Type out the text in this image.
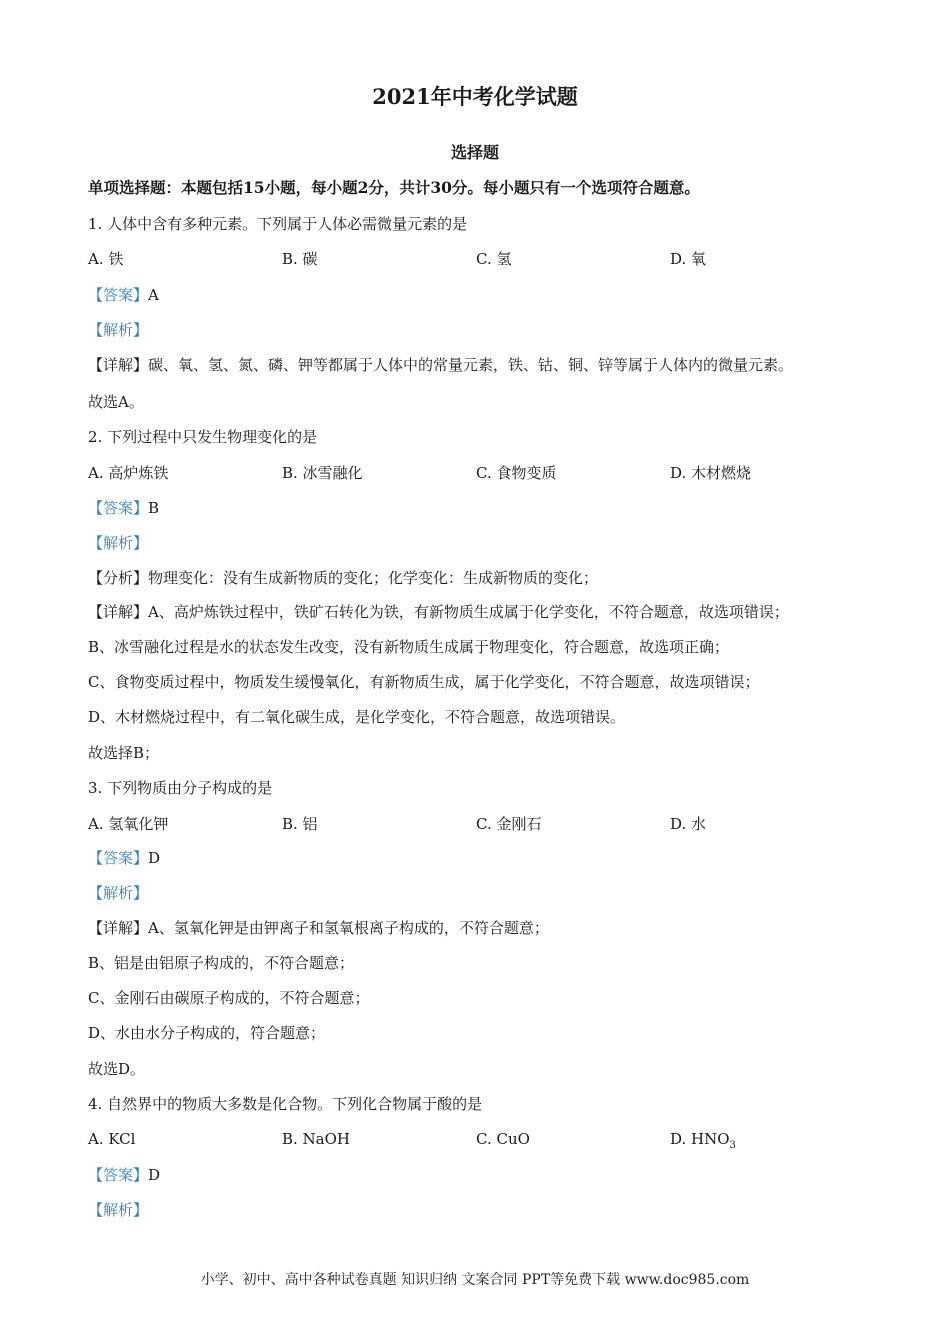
2021年中考化学试题
选择题
单项选择题：本题包括15小题，每小题2分，共计30分。每小题只有一个选项符合题意。
1. 人体中含有多种元素。下列属于人体必需微量元素的是
A. 铁	B. 碳	C. 氢	D. 氧
【答案】A
【解析】
【详解】碳、氧、氢、氮、磷、钾等都属于人体中的常量元素，铁、钴、铜、锌等属于人体内的微量元素。
故选A。
2. 下列过程中只发生物理变化的是
A. 高炉炼铁	B. 冰雪融化	C. 食物变质	D. 木材燃烧
【答案】B
【解析】
【分析】物理变化：没有生成新物质的变化；化学变化：生成新物质的变化；
【详解】A、高炉炼铁过程中，铁矿石转化为铁，有新物质生成属于化学变化，不符合题意，故选项错误；
B、冰雪融化过程是水的状态发生改变，没有新物质生成属于物理变化，符合题意，故选项正确；
C、食物变质过程中，物质发生缓慢氧化，有新物质生成，属于化学变化，不符合题意，故选项错误；
D、木材燃烧过程中，有二氧化碳生成，是化学变化，不符合题意，故选项错误。
故选择B；
3. 下列物质由分子构成的是
A. 氢氧化钾	B. 铝	C. 金刚石	D. 水
【答案】D
【解析】
【详解】A、氢氧化钾是由钾离子和氢氧根离子构成的，不符合题意；
B、铝是由铝原子构成的，不符合题意；
C、金刚石由碳原子构成的，不符合题意；
D、水由水分子构成的，符合题意；
故选D。
4. 自然界中的物质大多数是化合物。下列化合物属于酸的是
A. KCl	B. NaOH	C. CuO	D. $HNO_3$
【答案】D
【解析】
小学、初中、高中各种试卷真题 知识归纳 文案合同 PPT等免费下载 www.doc985.com
